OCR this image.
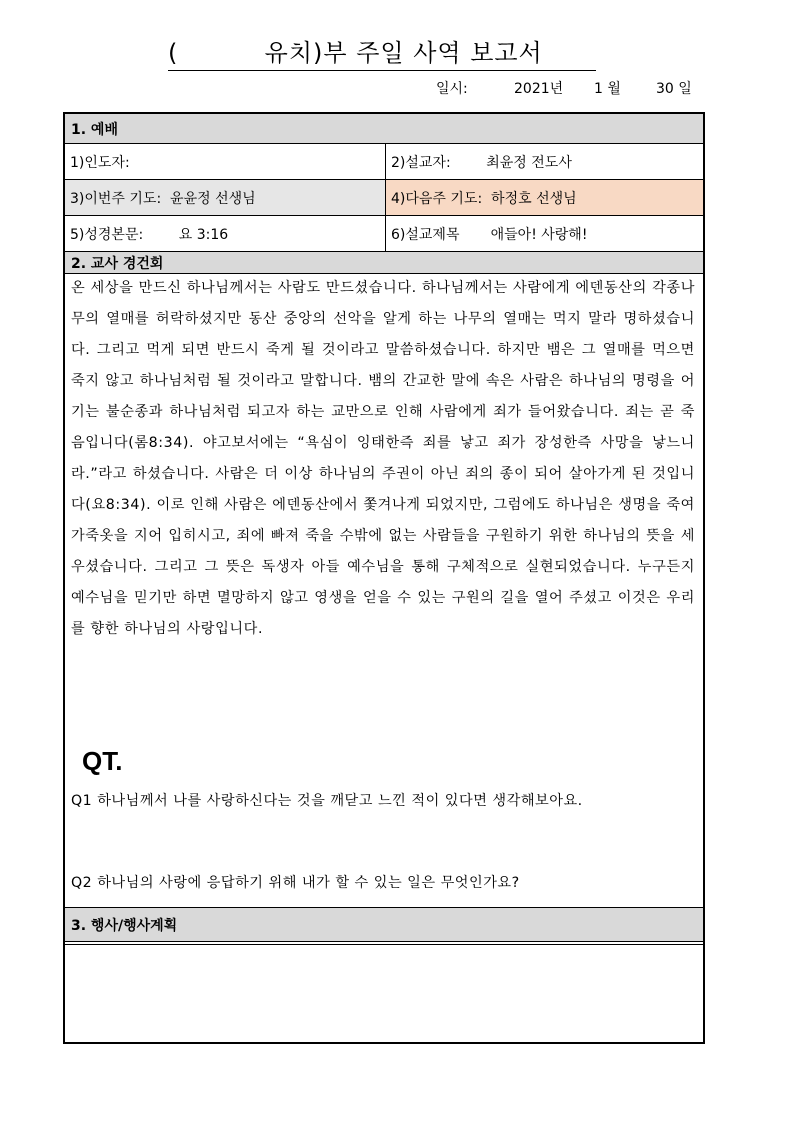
(          유치)부 주일 사역 보고서

일시:

	2021년

1 월

	30 일

1. 예배
1)인도자:	2)설교자:        최윤정 전도사
3)이번주 기도:  윤윤정 선생님	4)다음주 기도:  하정호 선생님
5)성경본문:        요 3:16	6)설교제목       애들아! 사랑해!
2. 교사 경건회
온 세상을 만드신 하나님께서는 사람도 만드셨습니다. 하나님께서는 사람에게 에덴동산의 각종나무의 열매를 허락하셨지만 동산 중앙의 선악을 알게 하는 나무의 열매는 먹지 말라 명하셨습니다. 그리고 먹게 되면 반드시 죽게 될 것이라고 말씀하셨습니다. 하지만 뱀은 그 열매를 먹으면 죽지 않고 하나님처럼 될 것이라고 말합니다. 뱀의 간교한 말에 속은 사람은 하나님의 명령을 어기는 불순종과 하나님처럼 되고자 하는 교만으로 인해 사람에게 죄가 들어왔습니다. 죄는 곧 죽음입니다(롬8:34). 야고보서에는 “욕심이 잉태한즉 죄를 낳고 죄가 장성한즉 사망을 낳느니라.”라고 하셨습니다. 사람은 더 이상 하나님의 주권이 아닌 죄의 종이 되어 살아가게 된 것입니다(요8:34). 이로 인해 사람은 에덴동산에서 쫓겨나게 되었지만, 그럼에도 하나님은 생명을 죽여 가죽옷을 지어 입히시고, 죄에 빠져 죽을 수밖에 없는 사람들을 구원하기 위한 하나님의 뜻을 세우셨습니다. 그리고 그 뜻은 독생자 아들 예수님을 통해 구체적으로 실현되었습니다. 누구든지 예수님을 믿기만 하면 멸망하지 않고 영생을 얻을 수 있는 구원의 길을 열어 주셨고 이것은 우리를 향한 하나님의 사랑입니다.
QT.
Q1 하나님께서 나를 사랑하신다는 것을 깨닫고 느낀 적이 있다면 생각해보아요.
Q2 하나님의 사랑에 응답하기 위해 내가 할 수 있는 일은 무엇인가요?
3. 행사/행사계획
